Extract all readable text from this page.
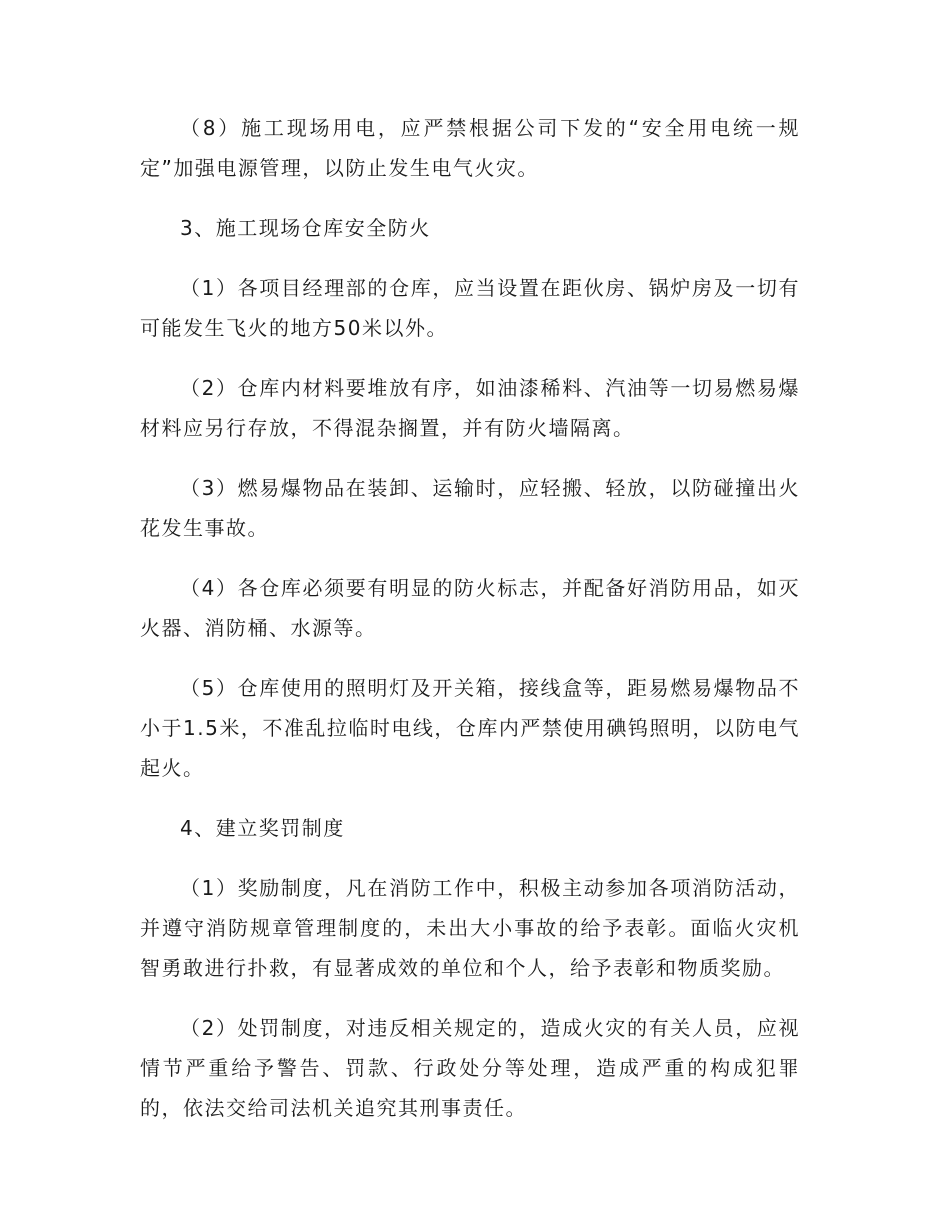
（8）施工现场用电，应严禁根据公司下发的“安全用电统一规定”加强电源管理，以防止发生电气火灾。

3、施工现场仓库安全防火

（1）各项目经理部的仓库，应当设置在距伙房、锅炉房及一切有可能发生飞火的地方50米以外。

（2）仓库内材料要堆放有序，如油漆稀料、汽油等一切易燃易爆材料应另行存放，不得混杂搁置，并有防火墙隔离。

（3）燃易爆物品在装卸、运输时，应轻搬、轻放，以防碰撞出火花发生事故。

（4）各仓库必须要有明显的防火标志，并配备好消防用品，如灭火器、消防桶、水源等。

（5）仓库使用的照明灯及开关箱，接线盒等，距易燃易爆物品不小于1.5米，不准乱拉临时电线，仓库内严禁使用碘钨照明，以防电气起火。

4、建立奖罚制度

（1）奖励制度，凡在消防工作中，积极主动参加各项消防活动，并遵守消防规章管理制度的，未出大小事故的给予表彰。面临火灾机智勇敢进行扑救，有显著成效的单位和个人，给予表彰和物质奖励。

（2）处罚制度，对违反相关规定的，造成火灾的有关人员，应视情节严重给予警告、罚款、行政处分等处理，造成严重的构成犯罪的，依法交给司法机关追究其刑事责任。
